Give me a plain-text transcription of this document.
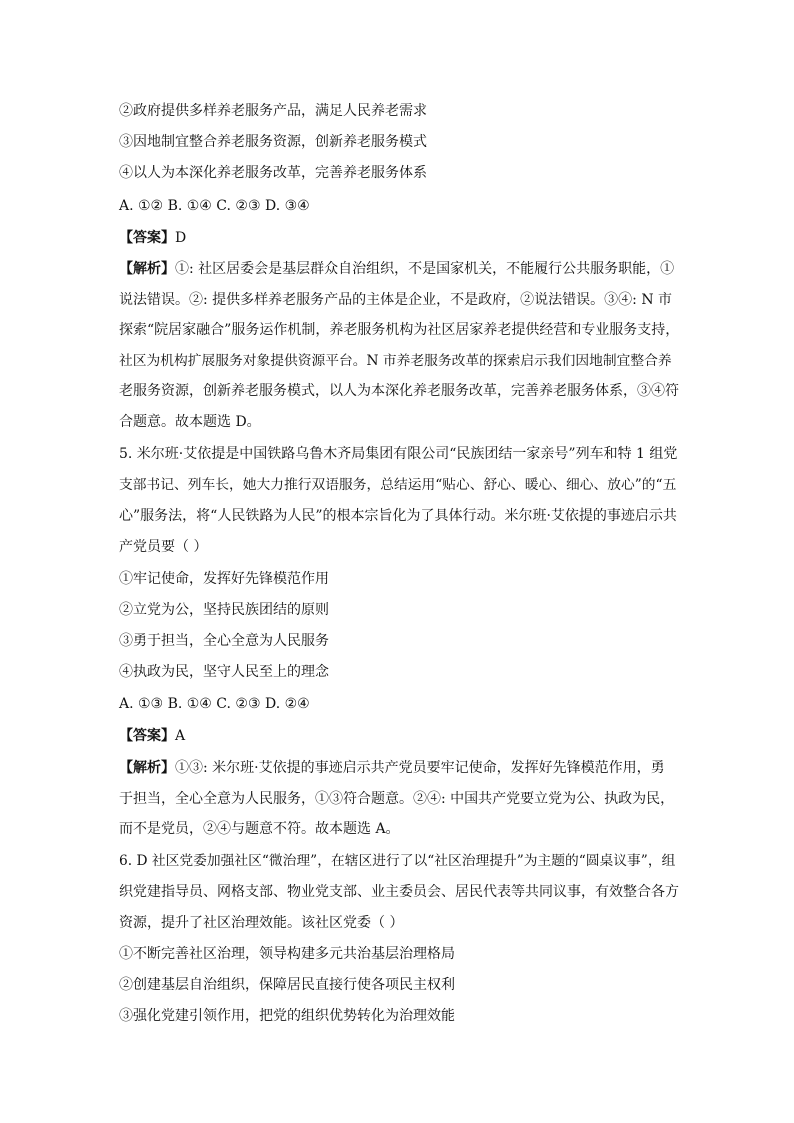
②政府提供多样养老服务产品，满足人民养老需求
③因地制宜整合养老服务资源，创新养老服务模式
④以人为本深化养老服务改革，完善养老服务体系
A. ①② B. ①④ C. ②③ D. ③④
【答案】D
【解析】①: 社区居委会是基层群众自治组织，不是国家机关，不能履行公共服务职能，①
说法错误。②: 提供多样养老服务产品的主体是企业，不是政府，②说法错误。③④: N 市
探索“院居家融合”服务运作机制，养老服务机构为社区居家养老提供经营和专业服务支持，
社区为机构扩展服务对象提供资源平台。N 市养老服务改革的探索启示我们因地制宜整合养
老服务资源，创新养老服务模式，以人为本深化养老服务改革，完善养老服务体系，③④符
合题意。故本题选 D。
5. 米尔班·艾依提是中国铁路乌鲁木齐局集团有限公司“民族团结一家亲号”列车和特 1 组党
支部书记、列车长，她大力推行双语服务，总结运用“贴心、舒心、暖心、细心、放心”的“五
心”服务法，将“人民铁路为人民”的根本宗旨化为了具体行动。米尔班·艾依提的事迹启示共
产党员要（ ）
①牢记使命，发挥好先锋模范作用
②立党为公，坚持民族团结的原则
③勇于担当，全心全意为人民服务
④执政为民，坚守人民至上的理念
A. ①③ B. ①④ C. ②③ D. ②④
【答案】A
【解析】①③: 米尔班·艾依提的事迹启示共产党员要牢记使命，发挥好先锋模范作用，勇
于担当，全心全意为人民服务，①③符合题意。②④: 中国共产党要立党为公、执政为民，
而不是党员，②④与题意不符。故本题选 A。
6. D 社区党委加强社区“微治理”，在辖区进行了以“社区治理提升”为主题的“圆桌议事”，组
织党建指导员、网格支部、物业党支部、业主委员会、居民代表等共同议事，有效整合各方
资源，提升了社区治理效能。该社区党委（ ）
①不断完善社区治理，领导构建多元共治基层治理格局
②创建基层自治组织，保障居民直接行使各项民主权利
③强化党建引领作用，把党的组织优势转化为治理效能
